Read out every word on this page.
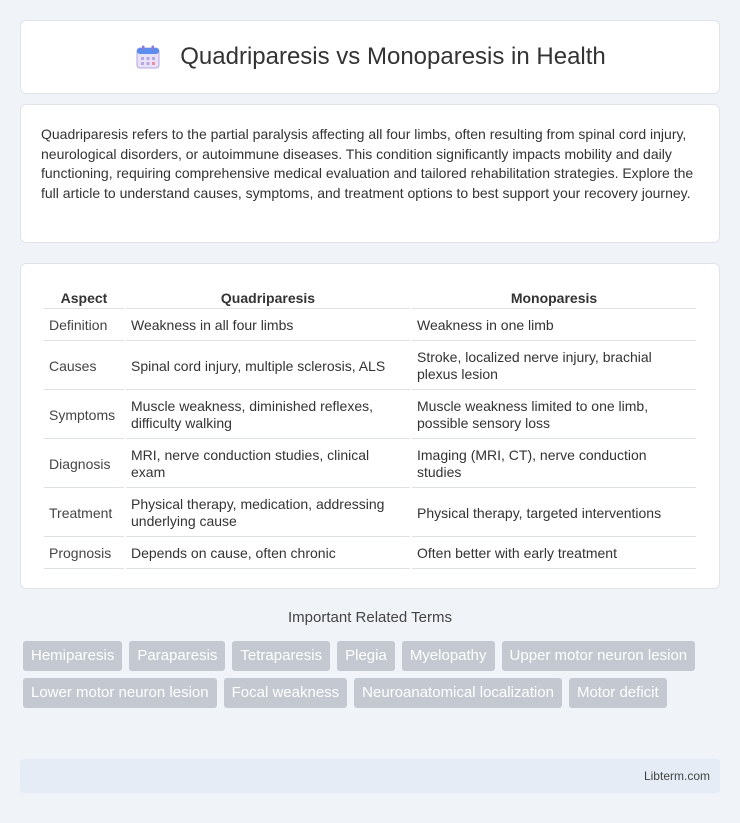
Quadriparesis vs Monoparesis in Health

Quadriparesis refers to the partial paralysis affecting all four limbs, often resulting from spinal cord injury, neurological disorders, or autoimmune diseases. This condition significantly impacts mobility and daily functioning, requiring comprehensive medical evaluation and tailored rehabilitation strategies. Explore the full article to understand causes, symptoms, and treatment options to best support your recovery journey.

Aspect	Quadriparesis	Monoparesis
Definition	Weakness in all four limbs	Weakness in one limb
Causes	Spinal cord injury, multiple sclerosis, ALS	Stroke, localized nerve injury, brachial plexus lesion
Symptoms	Muscle weakness, diminished reflexes, difficulty walking	Muscle weakness limited to one limb, possible sensory loss
Diagnosis	MRI, nerve conduction studies, clinical exam	Imaging (MRI, CT), nerve conduction studies
Treatment	Physical therapy, medication, addressing underlying cause	Physical therapy, targeted interventions
Prognosis	Depends on cause, often chronic	Often better with early treatment
Important Related Terms
Hemiparesis	Paraparesis	Tetraparesis	Plegia	Myelopathy	Upper motor neuron lesion
Lower motor neuron lesion	Focal weakness	Neuroanatomical localization	Motor deficit
Libterm.com
